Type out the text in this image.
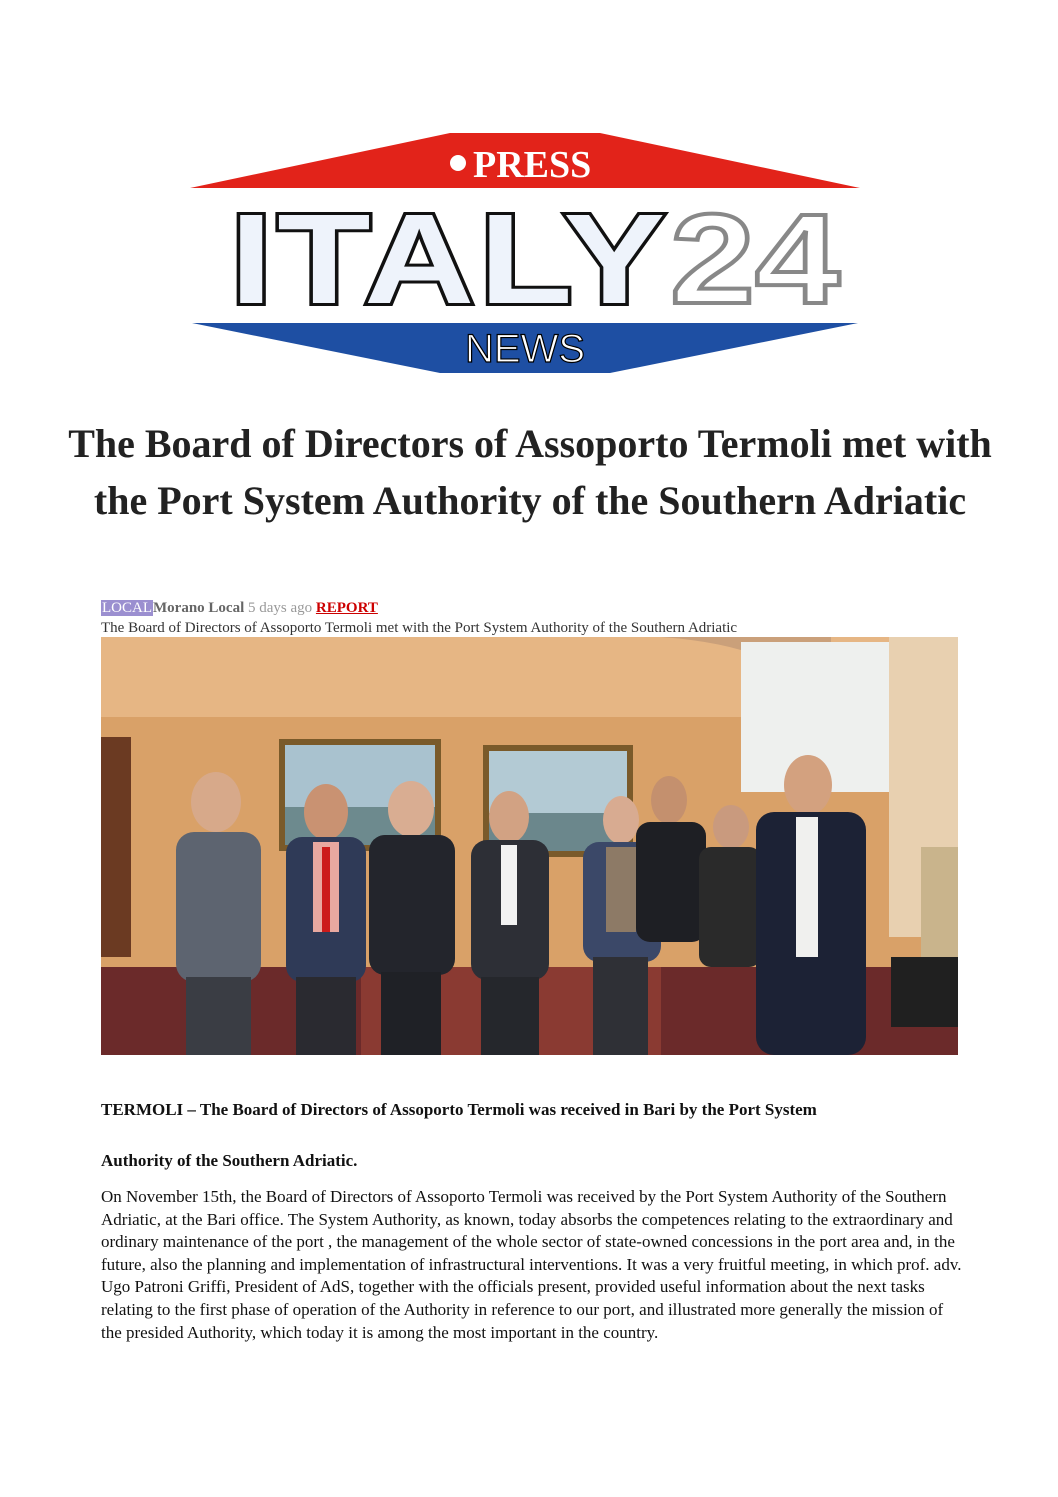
PRESS
ITALY 24
NEWS
The Board of Directors of Assoporto Termoli met with the Port System Authority of the Southern Adriatic
LOCALMorano Local 5 days ago REPORT
The Board of Directors of Assoporto Termoli met with the Port System Authority of the Southern Adriatic

TERMOLI – The Board of Directors of Assoporto Termoli was received in Bari by the Port System

Authority of the Southern Adriatic.

On November 15th, the Board of Directors of Assoporto Termoli was received by the Port System Authority of the Southern Adriatic, at the Bari office. The System Authority, as known, today absorbs the competences relating to the extraordinary and ordinary maintenance of the port , the management of the whole sector of state-owned concessions in the port area and, in the future, also the planning and implementation of infrastructural interventions. It was a very fruitful meeting, in which prof. adv. Ugo Patroni Griffi, President of AdS, together with the officials present, provided useful information about the next tasks relating to the first phase of operation of the Authority in reference to our port, and illustrated more generally the mission of the presided Authority, which today it is among the most important in the country.
